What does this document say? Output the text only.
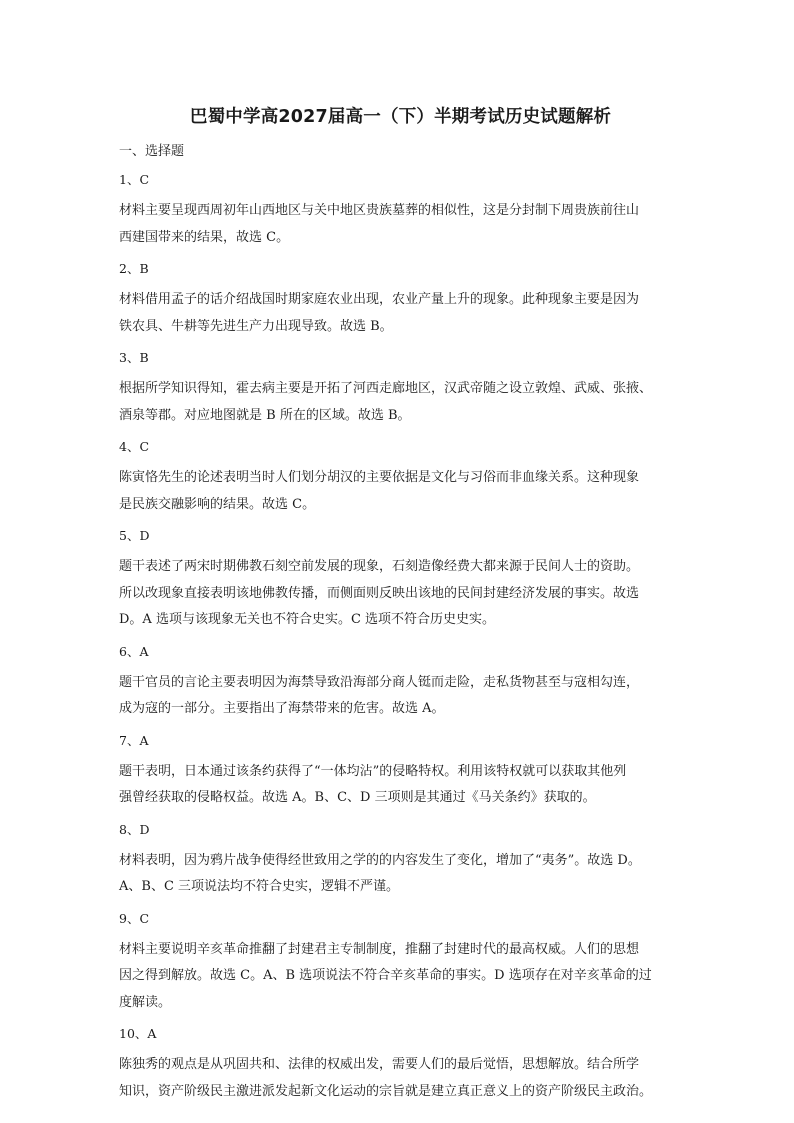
巴蜀中学高2027届高一（下）半期考试历史试题解析
一、选择题
1、C
材料主要呈现西周初年山西地区与关中地区贵族墓葬的相似性，这是分封制下周贵族前往山
西建国带来的结果，故选 C。
2、B
材料借用孟子的话介绍战国时期家庭农业出现，农业产量上升的现象。此种现象主要是因为
铁农具、牛耕等先进生产力出现导致。故选 B。
3、B
根据所学知识得知，霍去病主要是开拓了河西走廊地区，汉武帝随之设立敦煌、武威、张掖、
酒泉等郡。对应地图就是 B 所在的区域。故选 B。
4、C
陈寅恪先生的论述表明当时人们划分胡汉的主要依据是文化与习俗而非血缘关系。这种现象
是民族交融影响的结果。故选 C。
5、D
题干表述了两宋时期佛教石刻空前发展的现象，石刻造像经费大都来源于民间人士的资助。
所以改现象直接表明该地佛教传播，而侧面则反映出该地的民间封建经济发展的事实。故选
D。A 选项与该现象无关也不符合史实。C 选项不符合历史史实。
6、A
题干官员的言论主要表明因为海禁导致沿海部分商人铤而走险，走私货物甚至与寇相勾连，
成为寇的一部分。主要指出了海禁带来的危害。故选 A。
7、A
题干表明，日本通过该条约获得了“一体均沾”的侵略特权。利用该特权就可以获取其他列
强曾经获取的侵略权益。故选 A。B、C、D 三项则是其通过《马关条约》获取的。
8、D
材料表明，因为鸦片战争使得经世致用之学的的内容发生了变化，增加了“夷务”。故选 D。
A、B、C 三项说法均不符合史实，逻辑不严谨。
9、C
材料主要说明辛亥革命推翻了封建君主专制制度，推翻了封建时代的最高权威。人们的思想
因之得到解放。故选 C。A、B 选项说法不符合辛亥革命的事实。D 选项存在对辛亥革命的过
度解读。
10、A
陈独秀的观点是从巩固共和、法律的权威出发，需要人们的最后觉悟，思想解放。结合所学
知识，资产阶级民主激进派发起新文化运动的宗旨就是建立真正意义上的资产阶级民主政治。
